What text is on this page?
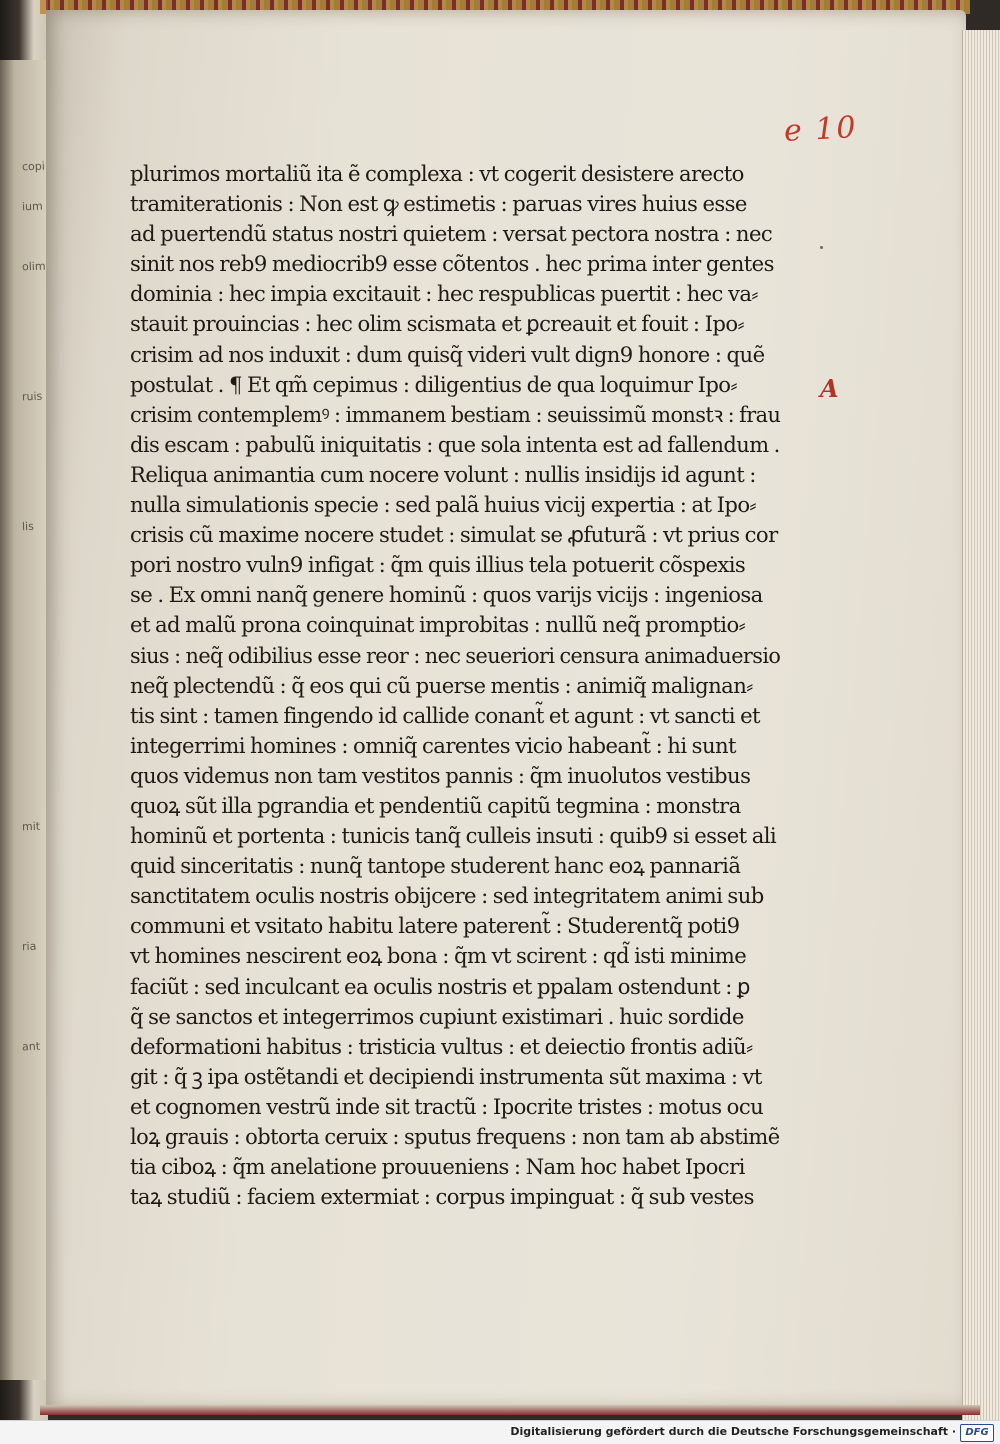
copi
ium
olim
ruis
lis
mit
ria
ant
e 10
A
plurimos mortaliũ ita ẽ complexa : vt cogerit desistere arecto
tramiterationis : Non est ꝙ estimetis : paruas vires huius esse
ad puertendũ status nostri quietem : versat pectora nostra : nec
sinit nos reb9 mediocrib9 esse cõtentos . hec prima inter gentes
dominia : hec impia excitauit : hec respublicas puertit : hec va⸗
stauit prouincias : hec olim scismata et ꝑcreauit et fouit : Ipo⸗
crisim ad nos induxit : dum quisq̃ videri vult dign9 honore : quẽ
postulat . ¶ Et qm̃ cepimus : diligentius de qua loquimur Ipo⸗
crisim contemplemꝰ : immanem bestiam : seuissimũ monstꝛ : frau
dis escam : pabulũ iniquitatis : que sola intenta est ad fallendum .
Reliqua animantia cum nocere volunt : nullis insidijs id agunt :
nulla simulationis specie : sed palã huius vicij expertia : at Ipo⸗
crisis cũ maxime nocere studet : simulat se ꝓfuturã : vt prius cor
pori nostro vuln9 infigat : q̃m quis illius tela potuerit cõspexis
se . Ex omni nanq̃ genere hominũ : quos varijs vicijs : ingeniosa
et ad malũ prona coinquinat improbitas : nullũ neq̃ promptio⸗
sius : neq̃ odibilius esse reor : nec seueriori censura animaduersio
neq̃ plectendũ : q̃ eos qui cũ puerse mentis : animiq̃ malignan⸗
tis sint : tamen fingendo id callide conant̃ et agunt : vt sancti et
integerrimi homines : omniq̃ carentes vicio habeant̃ : hi sunt
quos videmus non tam vestitos pannis : q̃m inuolutos vestibus
quoꝝ sũt illa pgrandia et pendentiũ capitũ tegmina : monstra
hominũ et portenta : tunicis tanq̃ culleis insuti : quib9 si esset ali
quid sinceritatis : nunq̃ tantope studerent hanc eoꝝ pannariã
sanctitatem oculis nostris obijcere : sed integritatem animi sub
communi et vsitato habitu latere paterent̃ : Studerentq̃ poti9
vt homines nescirent eoꝝ bona : q̃m vt scirent : qd̃ isti minime
faciũt : sed inculcant ea oculis nostris et ppalam ostendunt : ꝑ
q̃ se sanctos et integerrimos cupiunt existimari . huic sordide
deformationi habitus : tristicia vultus : et deiectio frontis adiũ⸗
git : q̃ ꝫ ipa ostẽtandi et decipiendi instrumenta sũt maxima : vt
et cognomen vestrũ inde sit tractũ : Ipocrite tristes : motus ocu
loꝝ grauis : obtorta ceruix : sputus frequens : non tam ab abstimẽ
tia ciboꝝ : q̃m anelatione prouueniens : Nam hoc habet Ipocri
taꝝ studiũ : faciem extermiat : corpus impinguat : q̃ sub vestes
Digitalisierung gefördert durch die Deutsche Forschungsgemeinschaft · DFG
